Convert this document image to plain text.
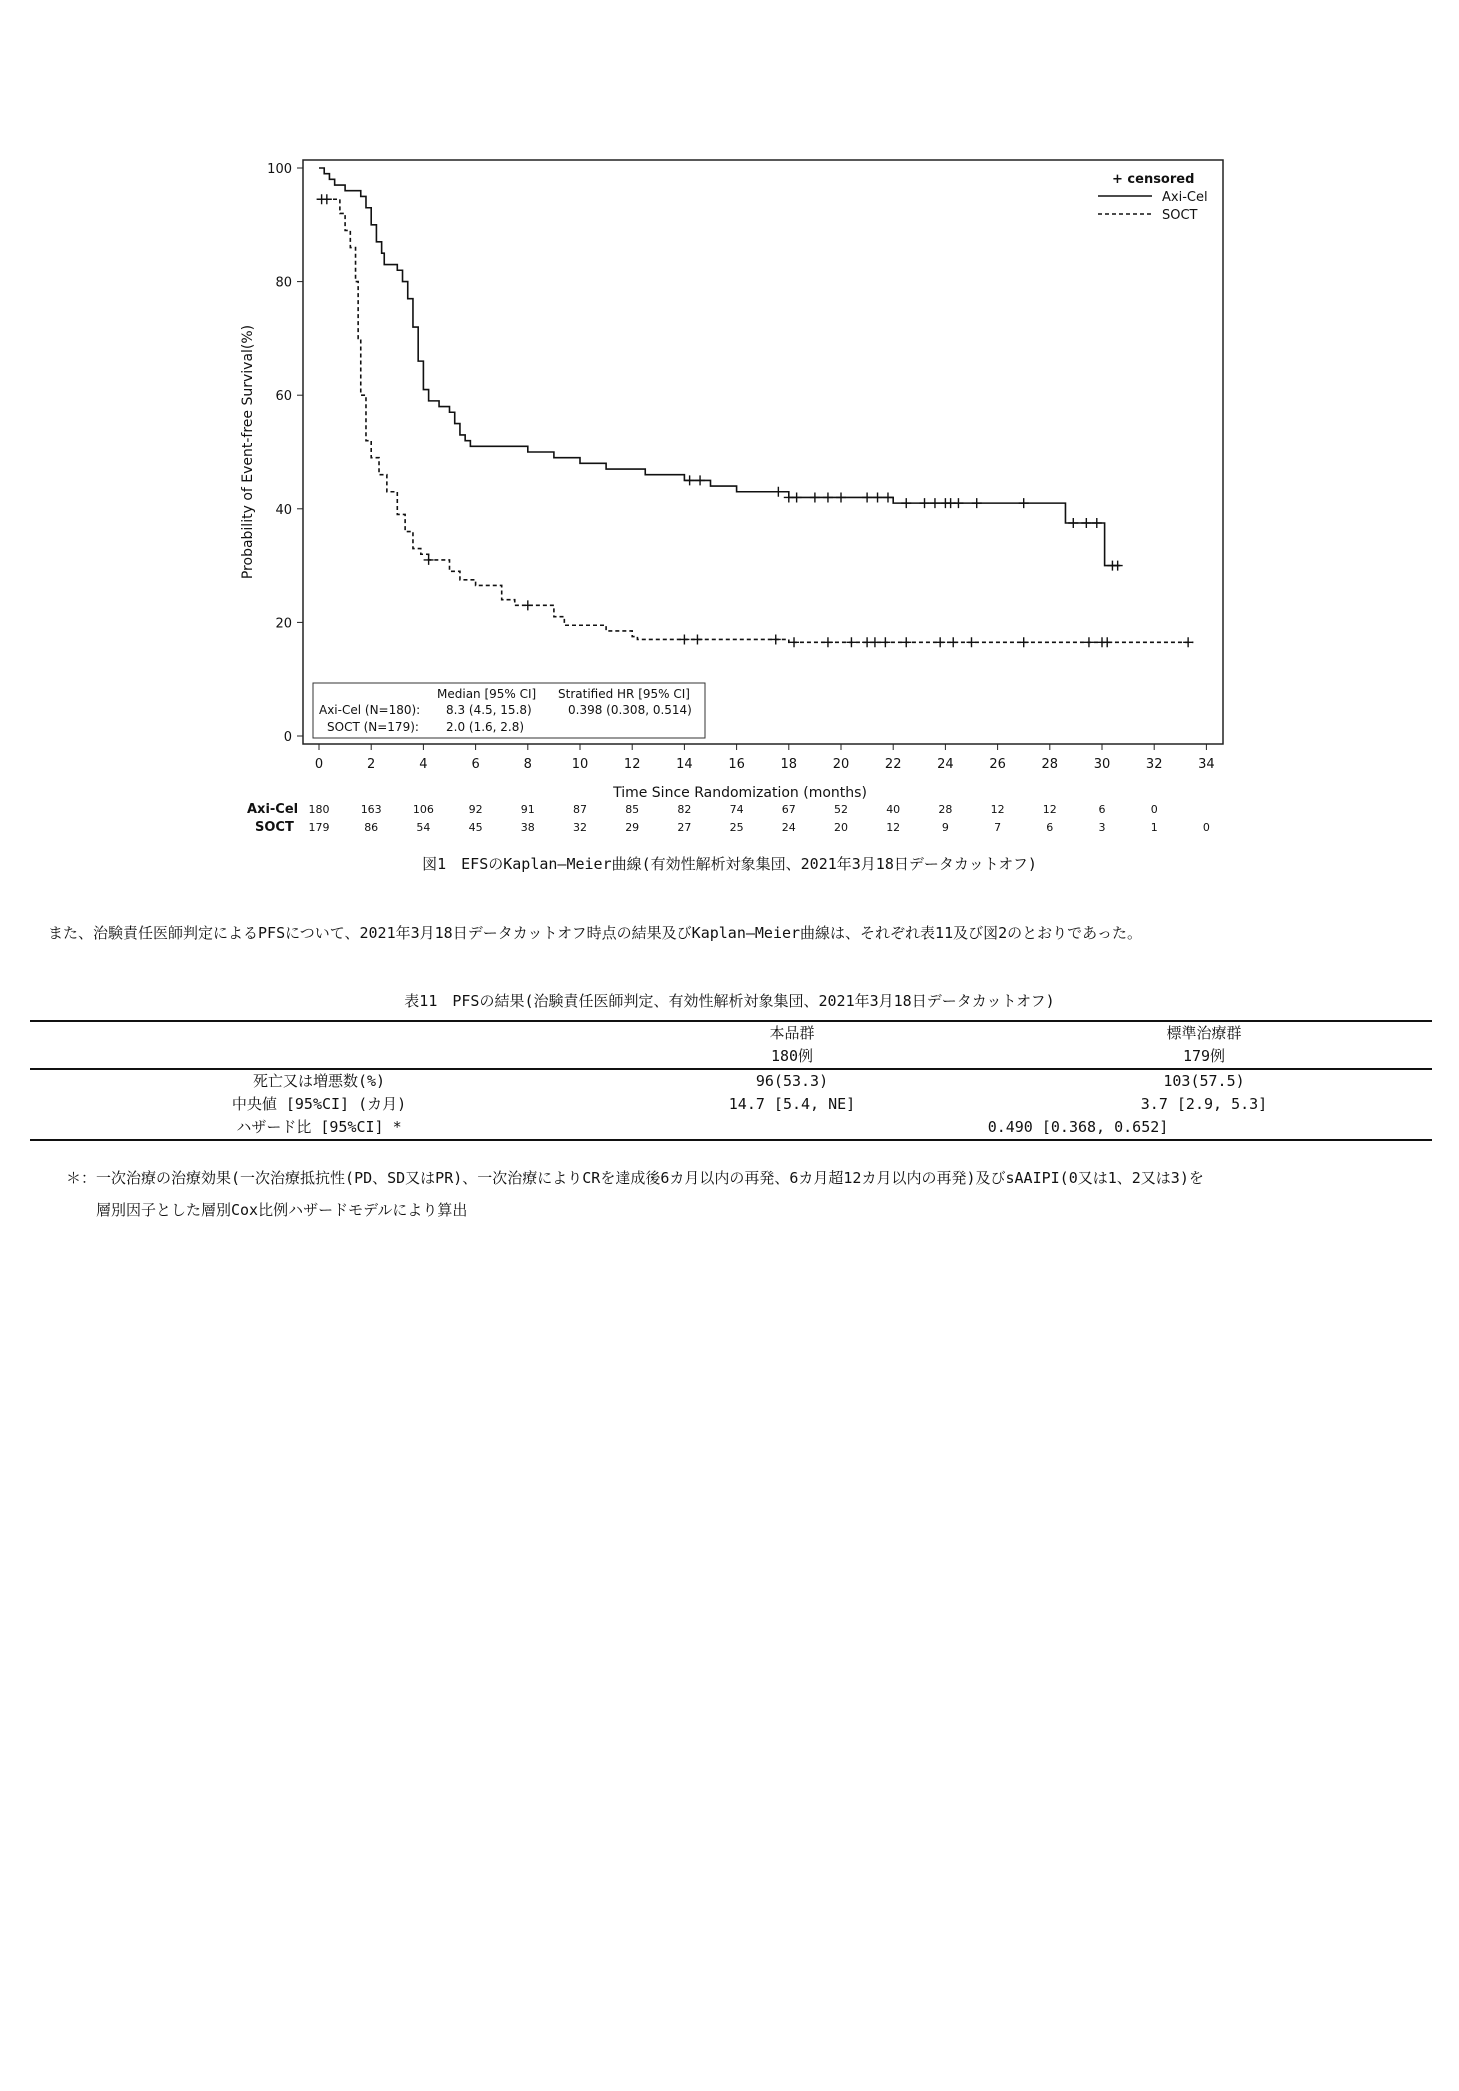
0
20
40
60
80
100
0	2	4	6	8	10	12	14	16	18	20	22	24	26	28	30	32	34
Probability of Event-free Survival(%)
Time Since Randomization (months)
+ censored
Axi-Cel
SOCT
Median [95% CI] Stratified HR [95% CI]
Axi-Cel (N=180): 8.3 (4.5, 15.8)	0.398 (0.308, 0.514)
SOCT (N=179): 2.0 (1.6, 2.8)
Axi-Cel
SOCT
180	163	106	92	91	87	85	82	74	67	52	40	28	12	12	6	0
179	86	54	45	38	32	29	27	25	24	20	12	9	7	6	3	1	0
図1　EFSのKaplan—Meier曲線(有効性解析対象集団、2021年3月18日データカットオフ)
また、治験責任医師判定によるPFSについて、2021年3月18日データカットオフ時点の結果及びKaplan—Meier曲線は、それぞれ表11及び図2のとおりであった。
表11　PFSの結果(治験責任医師判定、有効性解析対象集団、2021年3月18日データカットオフ)
	本品群	標準治療群
	180例	179例
死亡又は増悪数(%)	96(53.3)	103(57.5)
中央値 [95%CI] (カ月)	14.7 [5.4, NE]	3.7 [2.9, 5.3]
ハザード比 [95%CI] *	0.490 [0.368, 0.652]	
＊：一次治療の治療効果(一次治療抵抗性(PD、SD又はPR)、一次治療によりCRを達成後6カ月以内の再発、6カ月超12カ月以内の再発)及びsAAIPI(0又は1、2又は3)を
層別因子とした層別Cox比例ハザードモデルにより算出
